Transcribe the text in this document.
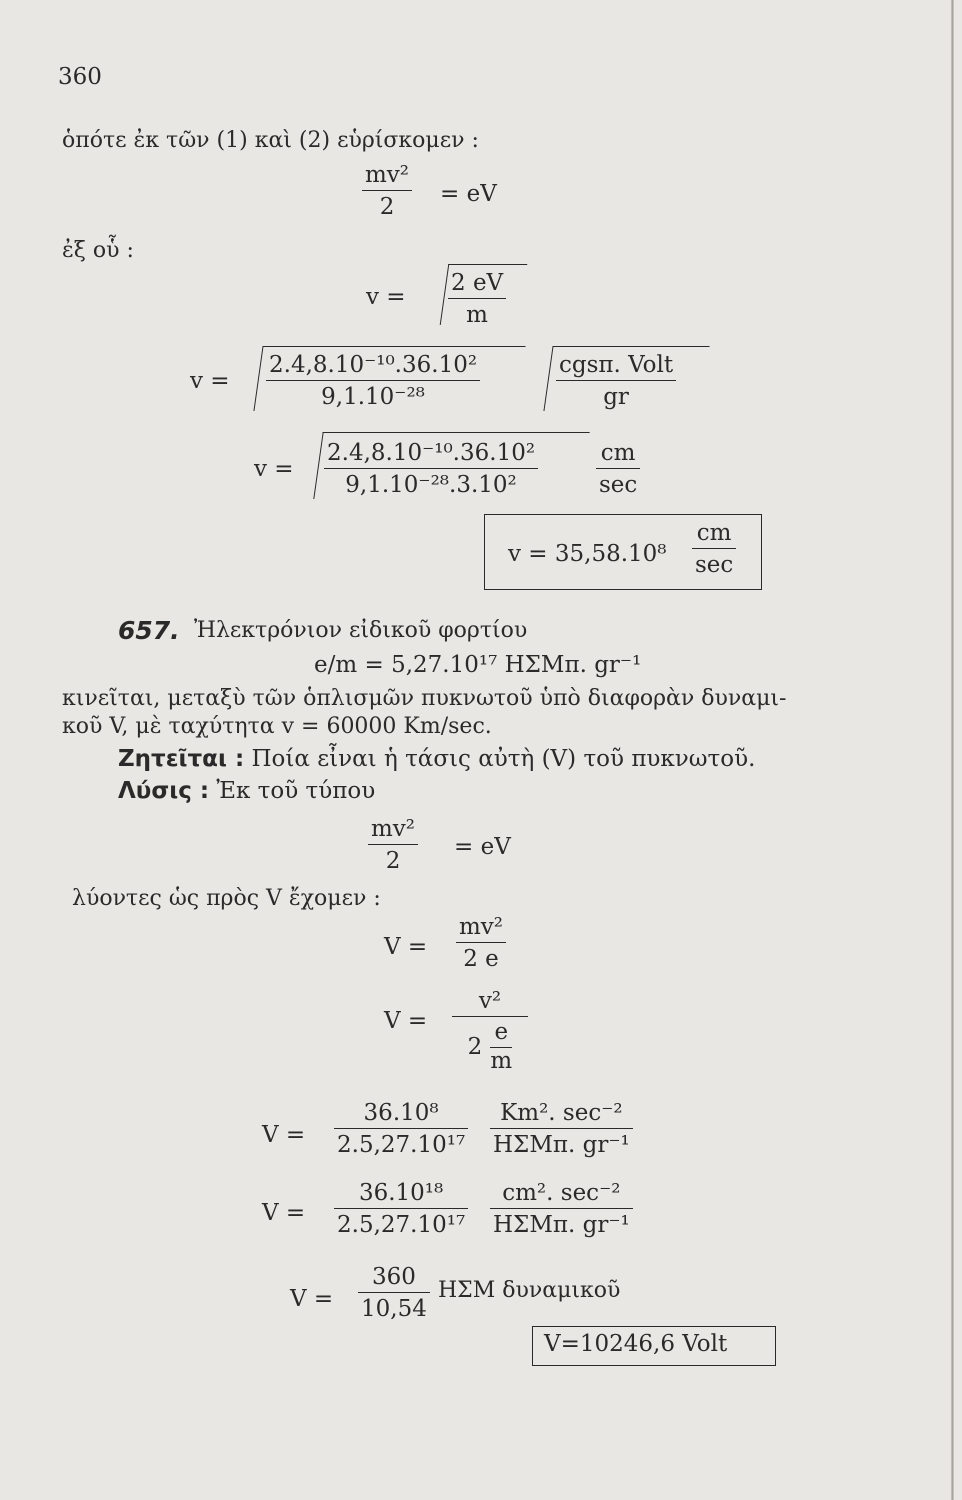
360
ὁπότε ἐκ τῶν (1) καὶ (2) εὑρίσκομεν :
mv²
2
= eV
ἐξ οὗ :
v =
2 eV
m
v =
2.4,8.10⁻¹⁰.36.10²
9,1.10⁻²⁸
cgsπ. Volt
gr
v =
2.4,8.10⁻¹⁰.36.10²
9,1.10⁻²⁸.3.10²
cm
sec
v = 35,58.10⁸
cm
sec
657. Ἠλεκτρόνιον εἰδικοῦ φορτίου
e/m = 5,27.10¹⁷ ΗΣΜπ. gr⁻¹
κινεῖται, μεταξὺ τῶν ὁπλισμῶν πυκνωτοῦ ὑπὸ διαφορὰν δυναμι-
κοῦ V, μὲ ταχύτητα v = 60000 Km/sec.
Ζητεῖται : Ποία εἶναι ἡ τάσις αὐτὴ (V) τοῦ πυκνωτοῦ.
Λύσις : Ἐκ τοῦ τύπου
mv²
2
= eV
λύοντες ὡς πρὸς V ἔχομεν :
V =
mv²
2 e
V =
v²
2
e
m
V =
36.10⁸
2.5,27.10¹⁷
Km². sec⁻²
ΗΣΜπ. gr⁻¹
V =
36.10¹⁸
2.5,27.10¹⁷
cm². sec⁻²
ΗΣΜπ. gr⁻¹
V =
360
10,54
ΗΣΜ δυναμικοῦ
V=10246,6 Volt
